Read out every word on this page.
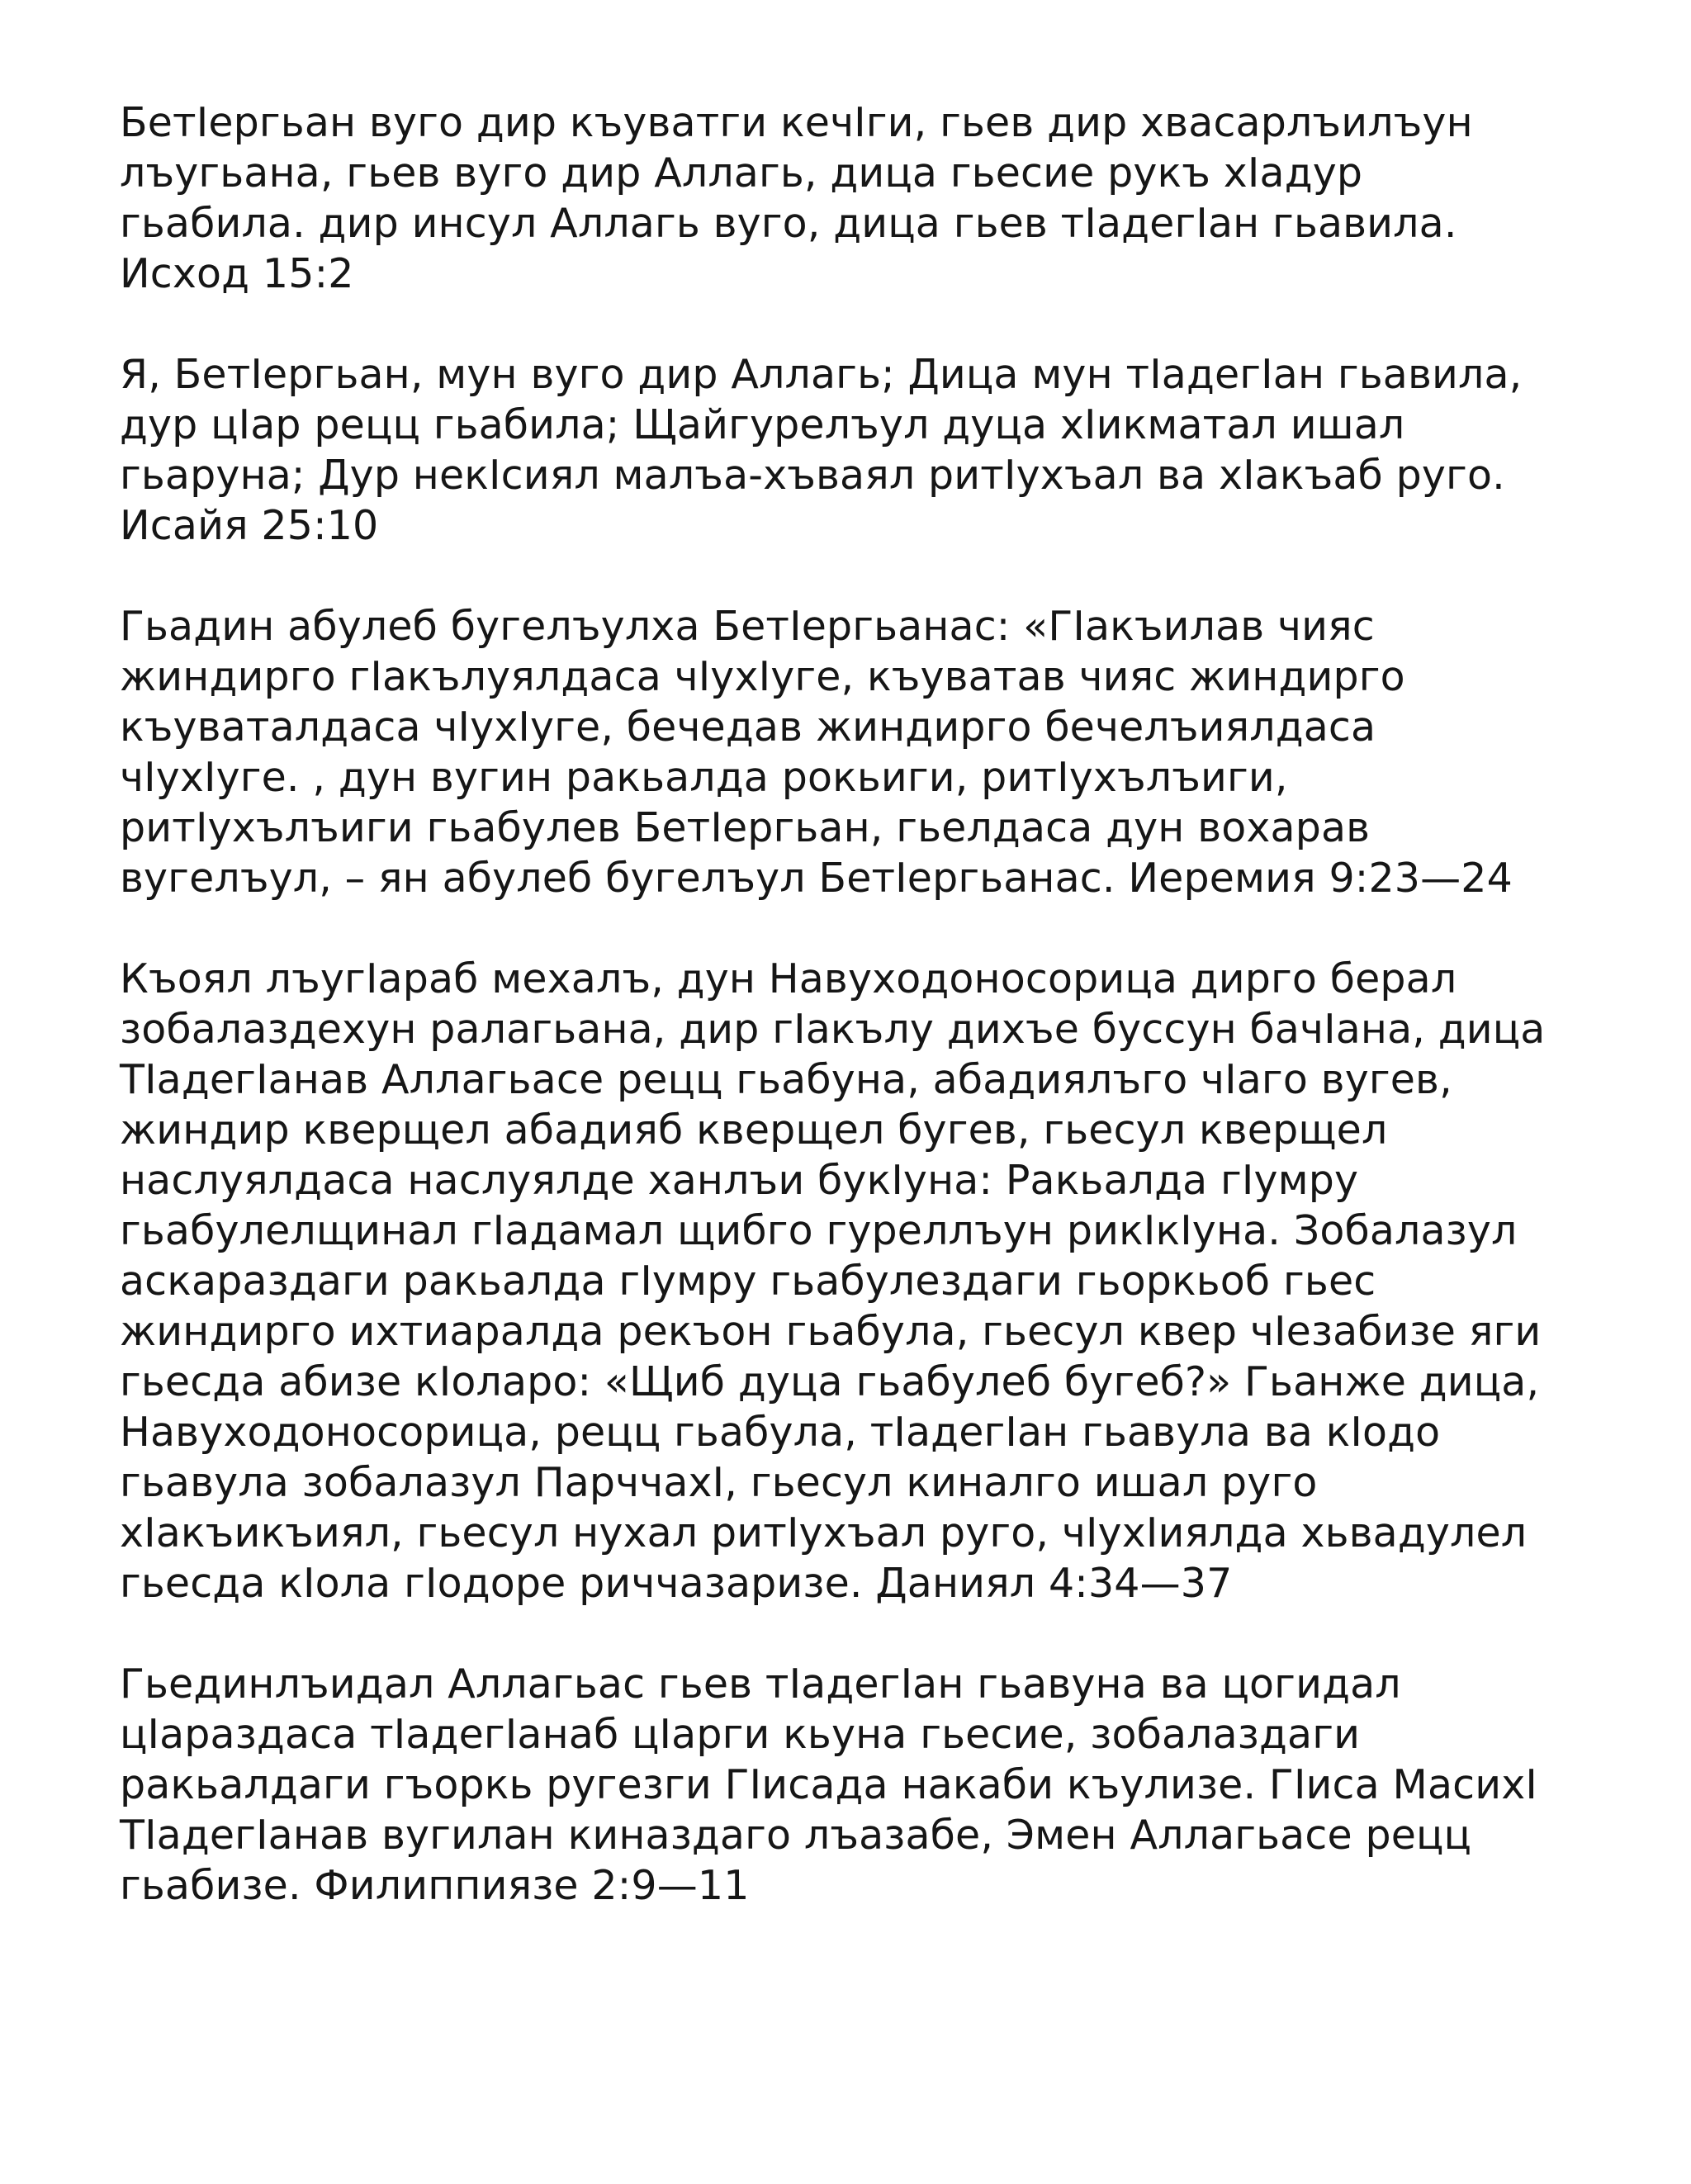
БетӀергьан вуго дир къуватги кечӀги, гьев дир хвасарлъилъун
лъугьана, гьев вуго дир Аллагь, дица гьесие рукъ хӀадур
гьабила. дир инсул Аллагь вуго, дица гьев тӀадегӀан гьавила.
Исход 15:2
Я, БетӀергьан, мун вуго дир Аллагь; Дица мун тӀадегӀан гьавила,
дур цӀар рецц гьабила; Щайгурелъул дуца хӀикматал ишал
гьаруна; Дур некӀсиял малъа-хъваял ритӀухъал ва хӀакъаб руго.
Исайя 25:10
Гьадин абулеб бугелъулха БетӀергьанас: «ГӀакъилав чияс
жиндирго гӀакълуялдаса чӀухӀуге, къуватав чияс жиндирго
къуваталдаса чӀухӀуге, бечедав жиндирго бечелъиялдаса
чӀухӀуге. , дун вугин ракьалда рокьиги, ритӀухълъиги,
ритӀухълъиги гьабулев БетӀергьан, гьелдаса дун вохарав
вугелъул, – ян абулеб бугелъул БетӀергьанас. Иеремия 9:23—24
Къоял лъугӀараб мехалъ, дун Навуходоносорица дирго берал
зобалаздехун ралагьана, дир гӀакълу дихъе буссун бачӀана, дица
ТӀадегӀанав Аллагьасе рецц гьабуна, абадиялъго чӀаго вугев,
жиндир кверщел абадияб кверщел бугев, гьесул кверщел
наслуялдаса наслуялде ханлъи букӀуна: Ракьалда гӀумру
гьабулелщинал гӀадамал щибго гуреллъун рикӀкӀуна. Зобалазул
аскараздаги ракьалда гӀумру гьабулездаги гьоркьоб гьес
жиндирго ихтиаралда рекъон гьабула, гьесул квер чӀезабизе яги
гьесда абизе кӀоларо: «Щиб дуца гьабулеб бугеб?» Гьанже дица,
Навуходоносорица, рецц гьабула, тӀадегӀан гьавула ва кӀодо
гьавула зобалазул ПарччахӀ, гьесул киналго ишал руго
хӀакъикъиял, гьесул нухал ритӀухъал руго, чӀухӀиялда хьвадулел
гьесда кӀола гӀодоре риччазаризе. Даниял 4:34—37
Гьединлъидал Аллагьас гьев тӀадегӀан гьавуна ва цогидал
цӀараздаса тӀадегӀанаб цӀарги кьуна гьесие, зобалаздаги
ракьалдаги гъоркь ругезги ГӀисада накаби къулизе. ГӀиса МасихӀ
ТӀадегӀанав вугилан киназдаго лъазабе, Эмен Аллагьасе рецц
гьабизе. Филиппиязе 2:9—11
